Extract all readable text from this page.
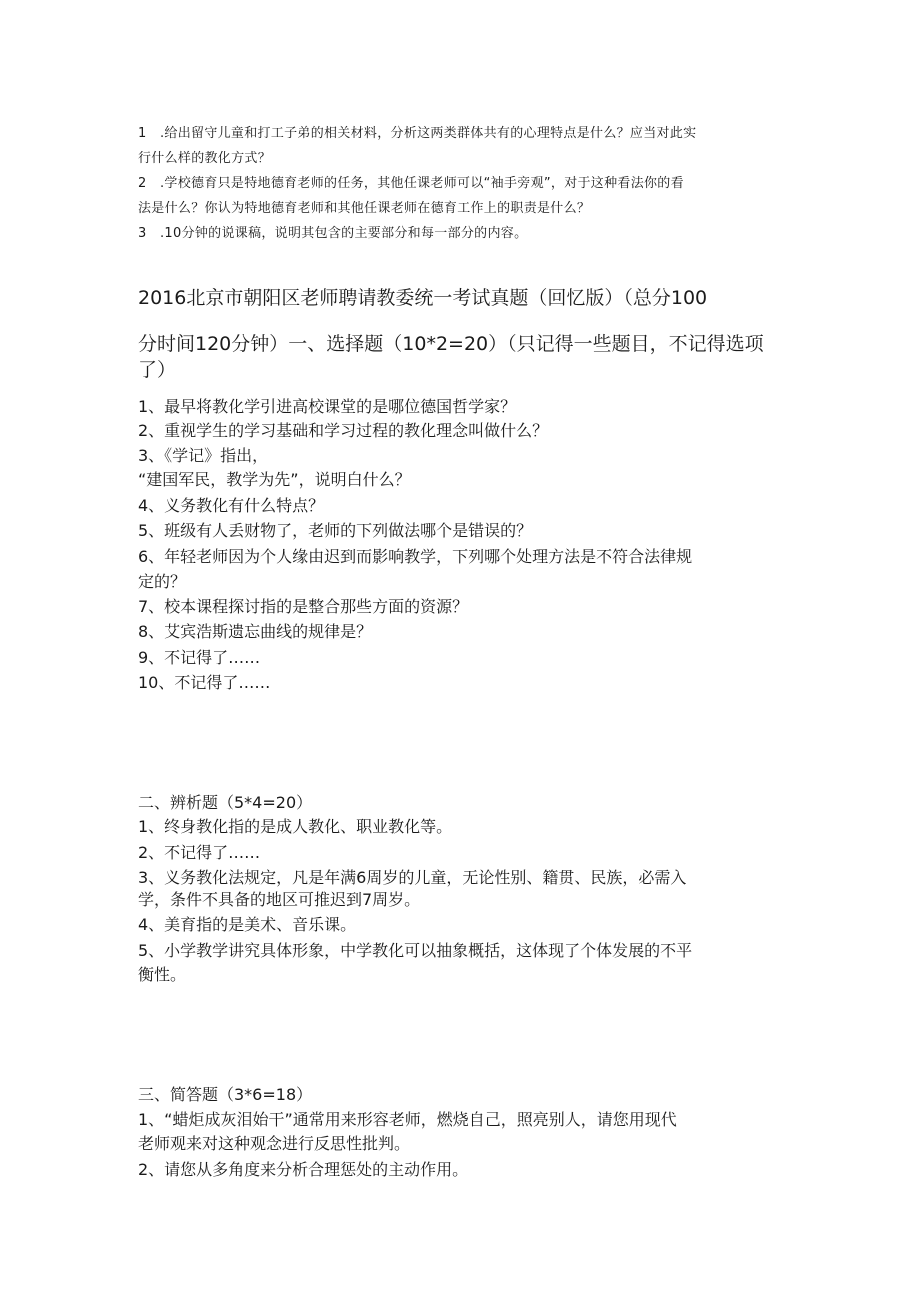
1 .给出留守儿童和打工子弟的相关材料，分析这两类群体共有的心理特点是什么？应当对此实
行什么样的教化方式？
2 .学校德育只是特地德育老师的任务，其他任课老师可以“袖手旁观”，对于这种看法你的看
法是什么？你认为特地德育老师和其他任课老师在德育工作上的职责是什么？
3 .10分钟的说课稿，说明其包含的主要部分和每一部分的内容。
2016北京市朝阳区老师聘请教委统一考试真题（回忆版）（总分100
分时间120分钟）一、选择题（10*2=20）（只记得一些题目，不记得选项
了）
1、最早将教化学引进高校课堂的是哪位德国哲学家？
2、重视学生的学习基础和学习过程的教化理念叫做什么？
3、《学记》指出，
“建国军民，教学为先”，说明白什么？
4、义务教化有什么特点？
5、班级有人丢财物了，老师的下列做法哪个是错误的？
6、年轻老师因为个人缘由迟到而影响教学，下列哪个处理方法是不符合法律规
定的？
7、校本课程探讨指的是整合那些方面的资源？
8、艾宾浩斯遗忘曲线的规律是？
9、不记得了……
10、不记得了……
二、辨析题（5*4=20）
1、终身教化指的是成人教化、职业教化等。
2、不记得了……
3、义务教化法规定，凡是年满6周岁的儿童，无论性别、籍贯、民族，必需入
学，条件不具备的地区可推迟到7周岁。
4、美育指的是美术、音乐课。
5、小学教学讲究具体形象，中学教化可以抽象概括，这体现了个体发展的不平
衡性。
三、简答题（3*6=18）
1、“蜡炬成灰泪始干”通常用来形容老师，燃烧自己，照亮别人，请您用现代
老师观来对这种观念进行反思性批判。
2、请您从多角度来分析合理惩处的主动作用。
